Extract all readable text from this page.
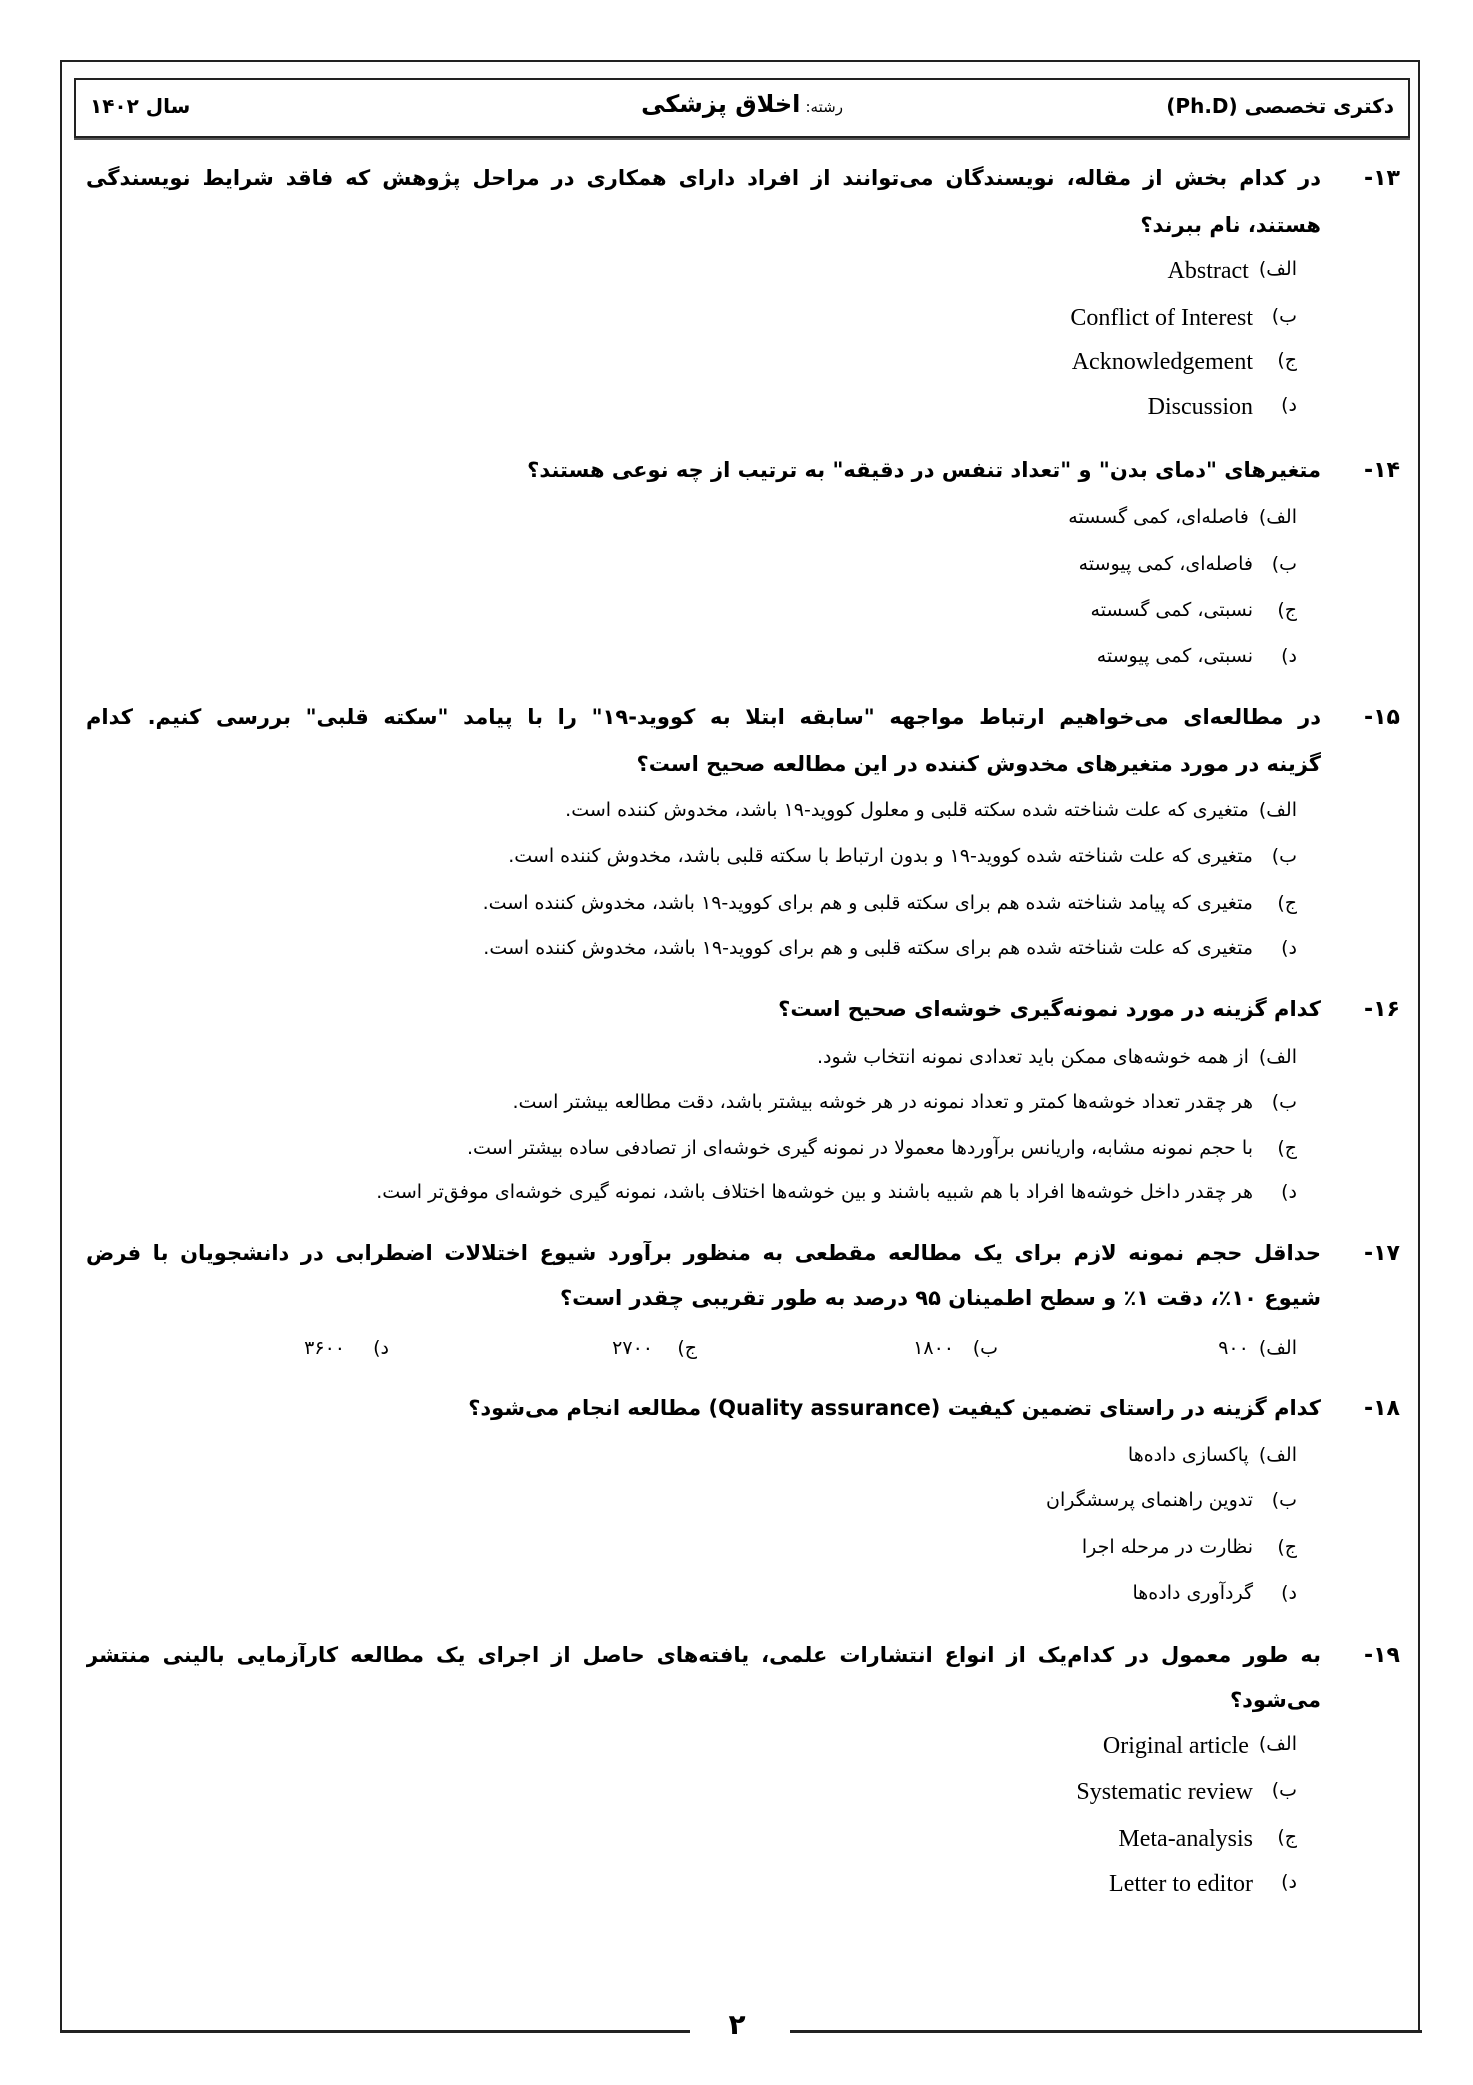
۲
دکتری تخصصی (Ph.D)
رشته: اخلاق پزشکی
سال ۱۴۰۲
-۱۳
در کدام بخش از مقاله، نویسندگان می‌توانند از افراد دارای همکاری در مراحل پژوهش که فاقد شرایط نویسندگی
هستند، نام ببرند؟
الف)
Abstract
ب)
Conflict of Interest
ج)
Acknowledgement
د)
Discussion
-۱۴
متغیرهای "دمای بدن" و "تعداد تنفس در دقیقه" به ترتیب از چه نوعی هستند؟
الف)
فاصله‌ای، کمی گسسته
ب)
فاصله‌ای، کمی پیوسته
ج)
نسبتی، کمی گسسته
د)
نسبتی، کمی پیوسته
-۱۵
در مطالعه‌ای می‌خواهیم ارتباط مواجهه "سابقه ابتلا به کووید-۱۹" را با پیامد "سکته قلبی" بررسی کنیم. کدام
گزینه در مورد متغیرهای مخدوش کننده در این مطالعه صحیح است؟
الف)
متغیری که علت شناخته شده سکته قلبی و معلول کووید-۱۹ باشد، مخدوش کننده است.
ب)
متغیری که علت شناخته شده کووید-۱۹ و بدون ارتباط با سکته قلبی باشد، مخدوش کننده است.
ج)
متغیری که پیامد شناخته شده هم برای سکته قلبی و هم برای کووید-۱۹ باشد، مخدوش کننده است.
د)
متغیری که علت شناخته شده هم برای سکته قلبی و هم برای کووید-۱۹ باشد، مخدوش کننده است.
-۱۶
کدام گزینه در مورد نمونه‌گیری خوشه‌ای صحیح است؟
الف)
از همه خوشه‌های ممکن باید تعدادی نمونه انتخاب شود.
ب)
هر چقدر تعداد خوشه‌ها کمتر و تعداد نمونه در هر خوشه بیشتر باشد، دقت مطالعه بیشتر است.
ج)
با حجم نمونه مشابه، واریانس برآوردها معمولا در نمونه گیری خوشه‌ای از تصادفی ساده بیشتر است.
د)
هر چقدر داخل خوشه‌ها افراد با هم شبیه باشند و بین خوشه‌ها اختلاف باشد، نمونه گیری خوشه‌ای موفق‌تر است.
-۱۷
حداقل حجم نمونه لازم برای یک مطالعه مقطعی به منظور برآورد شیوع اختلالات اضطرابی در دانشجویان با فرض
شیوع ۱۰٪، دقت ۱٪ و سطح اطمینان ۹۵ درصد به طور تقریبی چقدر است؟
الف)
۹۰۰
ب)
۱۸۰۰
ج)
۲۷۰۰
د)
۳۶۰۰
-۱۸
کدام گزینه در راستای تضمین کیفیت (Quality assurance) مطالعه انجام می‌شود؟
الف)
پاکسازی داده‌ها
ب)
تدوین راهنمای پرسشگران
ج)
نظارت در مرحله اجرا
د)
گردآوری داده‌ها
-۱۹
به طور معمول در کدام‌یک از انواع انتشارات علمی، یافته‌های حاصل از اجرای یک مطالعه کارآزمایی بالینی منتشر
می‌شود؟
الف)
Original article
ب)
Systematic review
ج)
Meta-analysis
د)
Letter to editor
